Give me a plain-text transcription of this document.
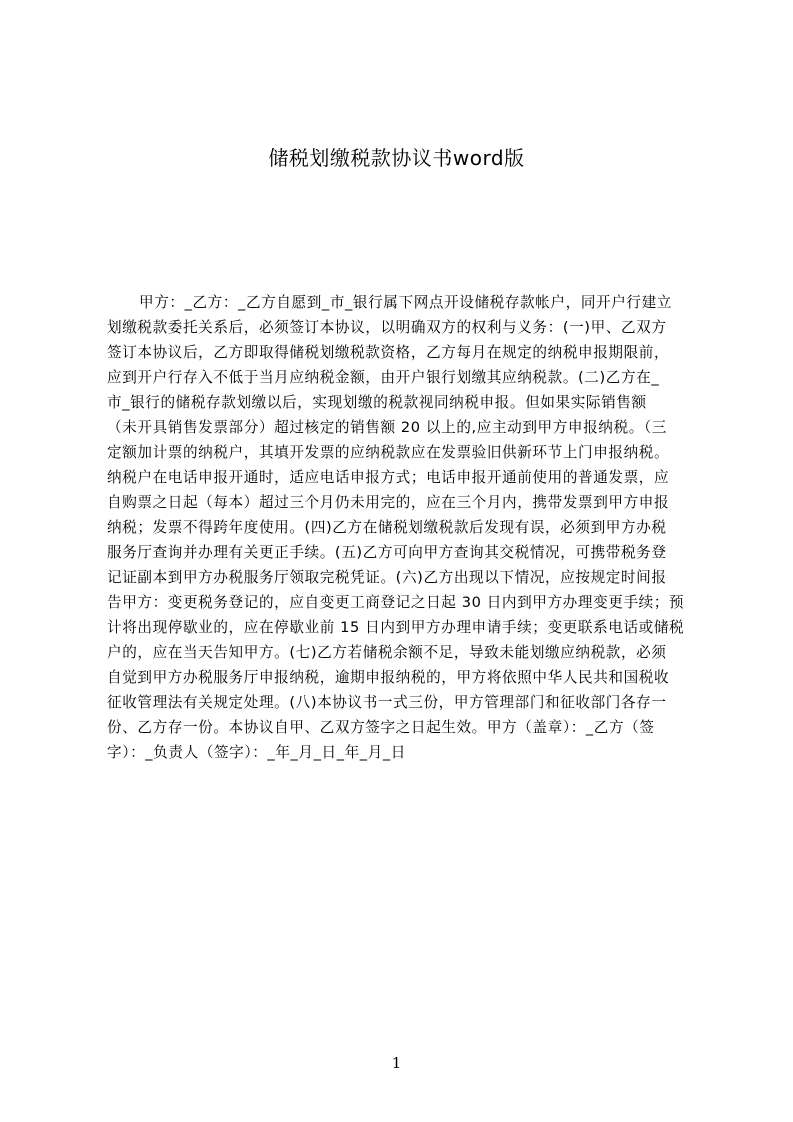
储税划缴税款协议书word版
甲方：_乙方：_乙方自愿到_市_银行属下网点开设储税存款帐户，同开户行建立
划缴税款委托关系后，必须签订本协议，以明确双方的权利与义务：(一)甲、乙双方
签订本协议后，乙方即取得储税划缴税款资格，乙方每月在规定的纳税申报期限前，
应到开户行存入不低于当月应纳税金额，由开户银行划缴其应纳税款。(二)乙方在_
市_银行的储税存款划缴以后，实现划缴的税款视同纳税申报。但如果实际销售额
（未开具销售发票部分）超过核定的销售额 20 以上的,应主动到甲方申报纳税。（三
定额加计票的纳税户，其填开发票的应纳税款应在发票验旧供新环节上门申报纳税。
纳税户在电话申报开通时，适应电话申报方式；电话申报开通前使用的普通发票，应
自购票之日起（每本）超过三个月仍未用完的，应在三个月内，携带发票到甲方申报
纳税；发票不得跨年度使用。(四)乙方在储税划缴税款后发现有误，必须到甲方办税
服务厅查询并办理有关更正手续。(五)乙方可向甲方查询其交税情况，可携带税务登
记证副本到甲方办税服务厅领取完税凭证。(六)乙方出现以下情况，应按规定时间报
告甲方：变更税务登记的，应自变更工商登记之日起 30 日内到甲方办理变更手续；预
计将出现停歇业的，应在停歇业前 15 日内到甲方办理申请手续；变更联系电话或储税
户的，应在当天告知甲方。(七)乙方若储税余额不足，导致未能划缴应纳税款，必须
自觉到甲方办税服务厅申报纳税，逾期申报纳税的，甲方将依照中华人民共和国税收
征收管理法有关规定处理。(八)本协议书一式三份，甲方管理部门和征收部门各存一
份、乙方存一份。本协议自甲、乙双方签字之日起生效。甲方（盖章）：_乙方（签
字）：_负责人（签字）：_年_月_日_年_月_日
1
